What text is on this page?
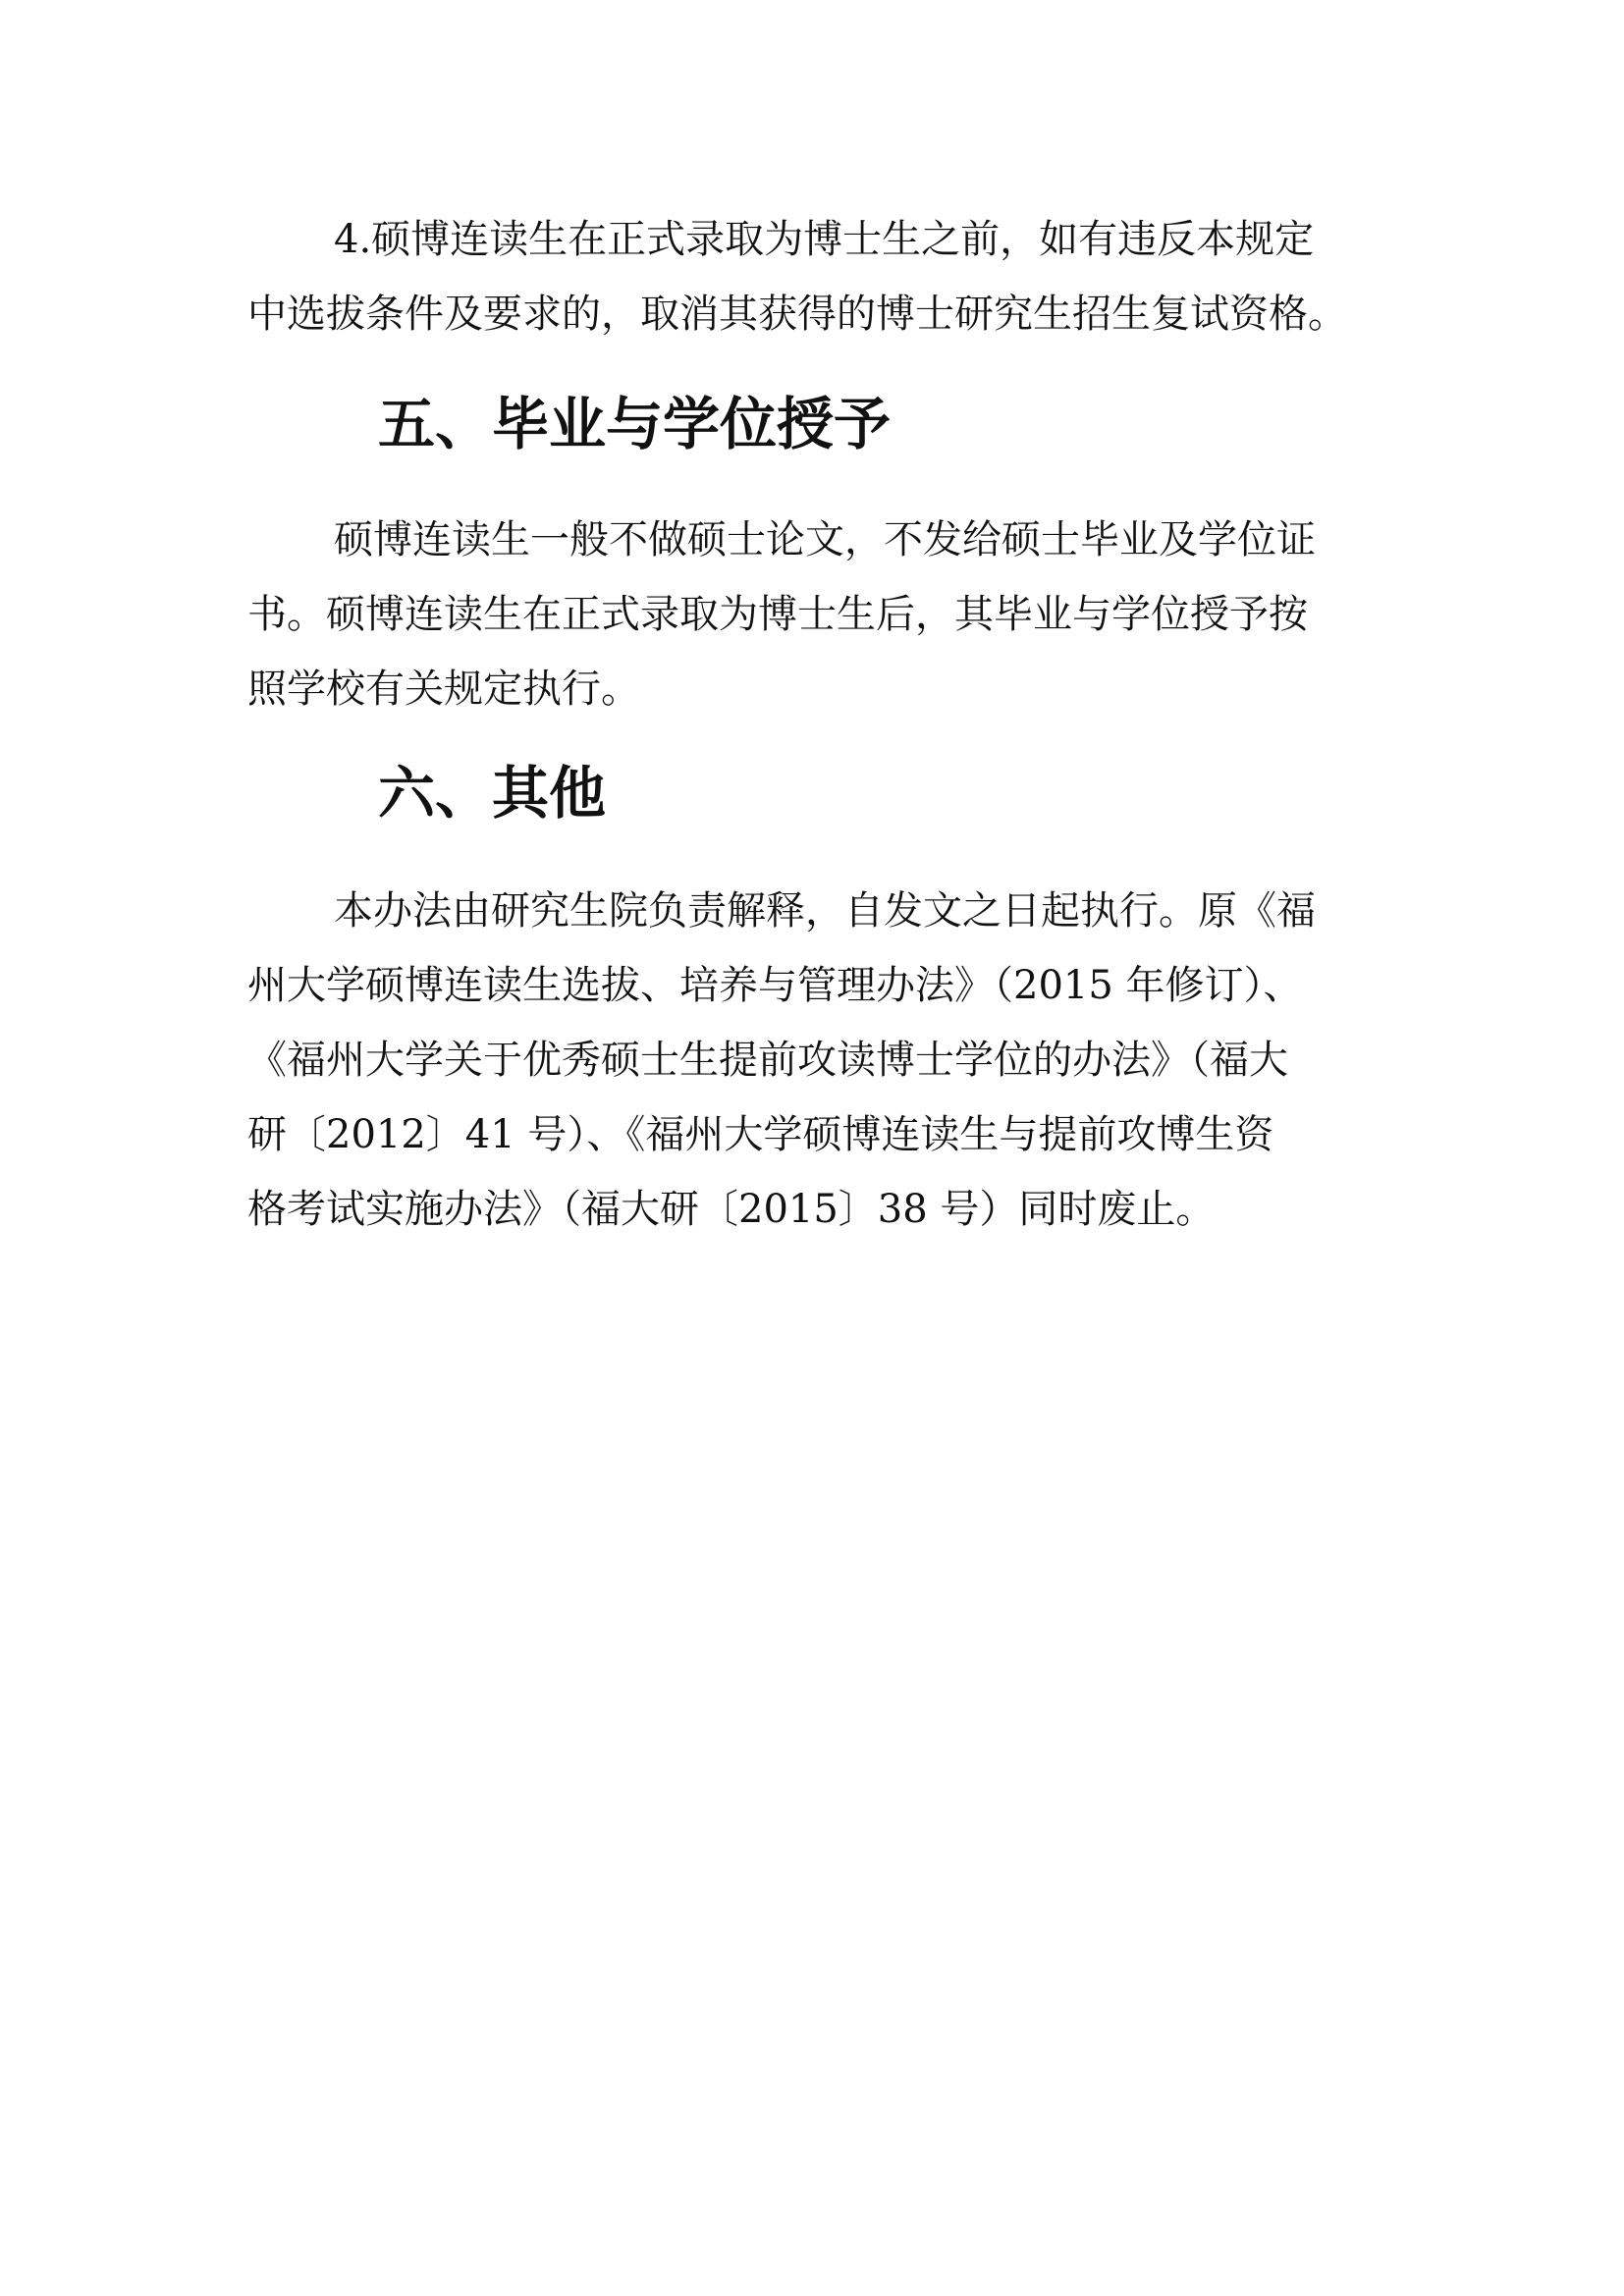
4.硕博连读生在正式录取为博士生之前，如有违反本规定
中选拔条件及要求的，取消其获得的博士研究生招生复试资格。
五、毕业与学位授予
硕博连读生一般不做硕士论文，不发给硕士毕业及学位证
书。硕博连读生在正式录取为博士生后，其毕业与学位授予按
照学校有关规定执行。
六、其他
本办法由研究生院负责解释，自发文之日起执行。原《福
州大学硕博连读生选拔、培养与管理办法》（2015 年修订）、
《福州大学关于优秀硕士生提前攻读博士学位的办法》（福大
研〔2012〕41 号）、《福州大学硕博连读生与提前攻博生资
格考试实施办法》（福大研〔2015〕38 号）同时废止。
